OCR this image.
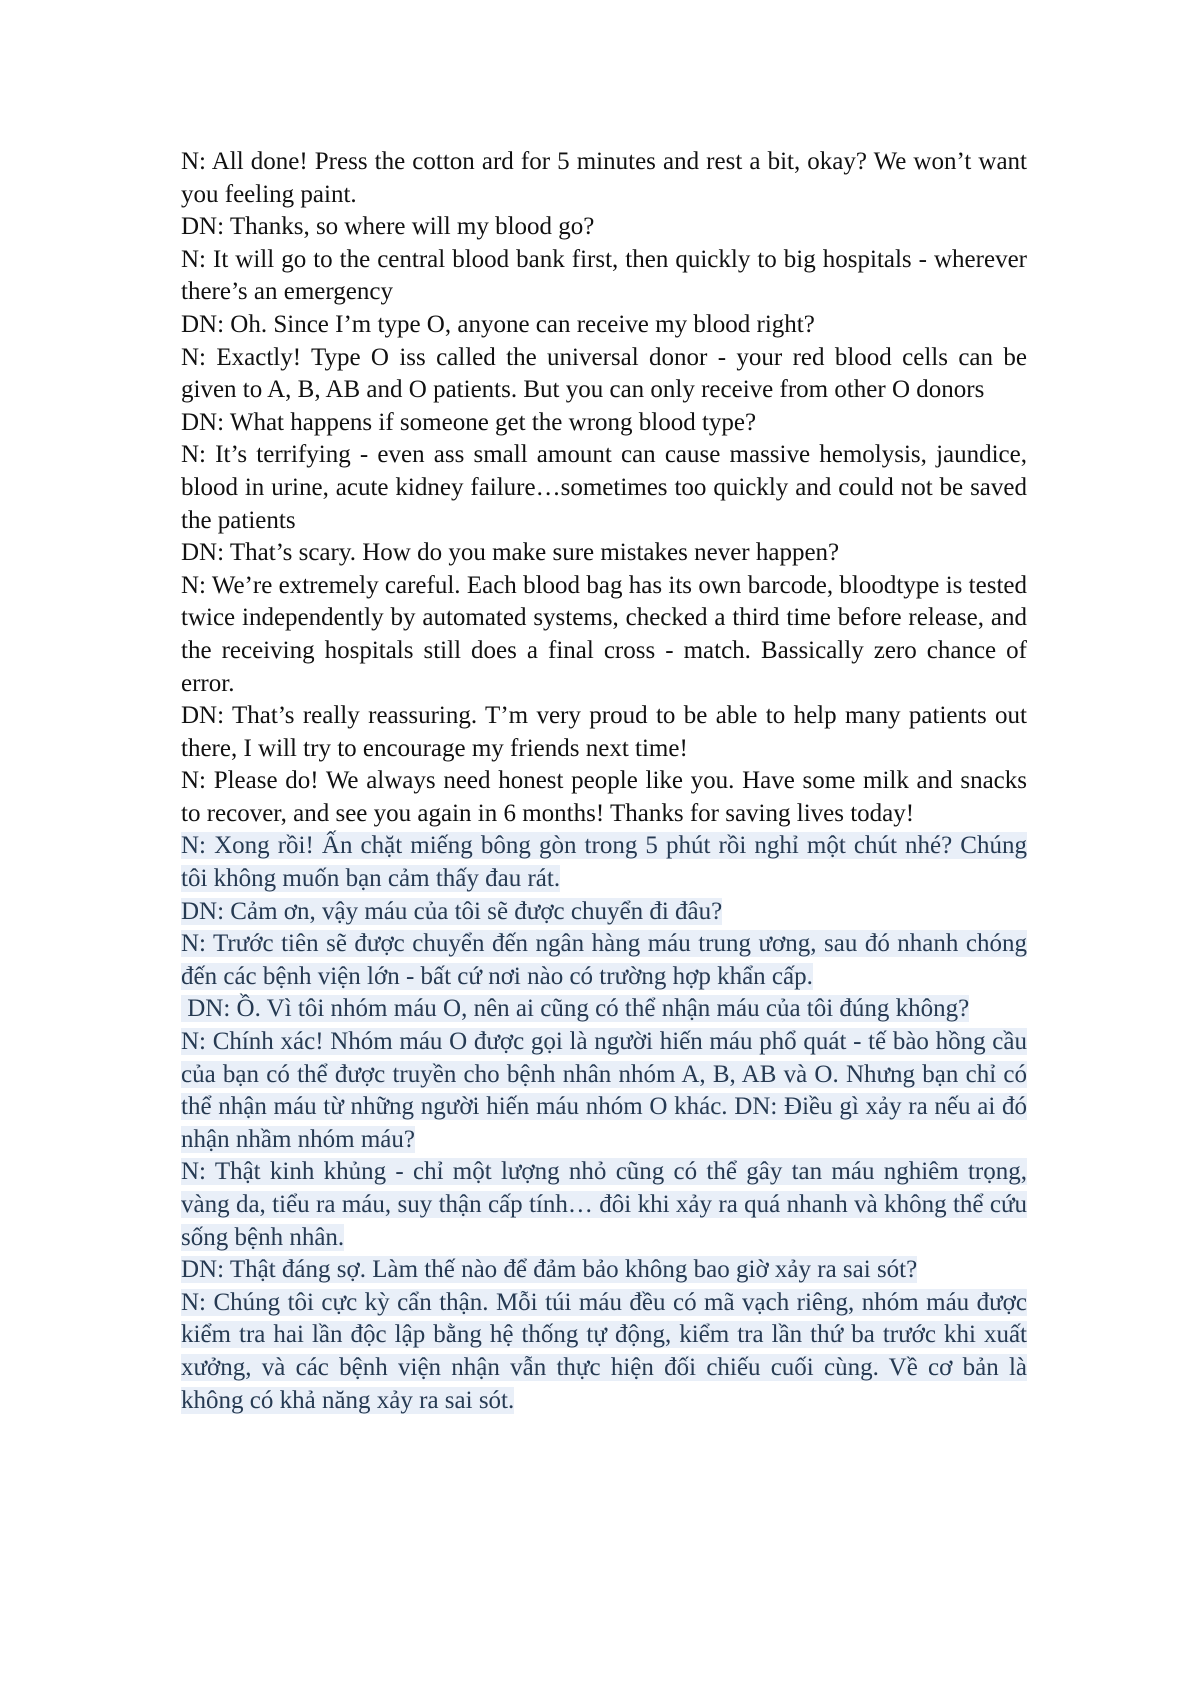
N: All done! Press the cotton ard for 5 minutes and rest a bit, okay? We won’t want you feeling paint.

DN: Thanks, so where will my blood go?

N: It will go to the central blood bank first, then quickly to big hospitals - wherever there’s an emergency

DN: Oh. Since I’m type O, anyone can receive my blood right?

N: Exactly! Type O iss called the universal donor - your red blood cells can be given to A, B, AB and O patients. But you can only receive from other O donors

DN: What happens if someone get the wrong blood type?

N: It’s terrifying - even ass small amount can cause massive hemolysis, jaundice, blood in urine, acute kidney failure…sometimes too quickly and could not be saved the patients

DN: That’s scary. How do you make sure mistakes never happen?

N: We’re extremely careful. Each blood bag has its own barcode, bloodtype is tested twice independently by automated systems, checked a third time before release, and the receiving hospitals still does a final cross - match. Bassically zero chance of error.

DN: That’s really reassuring. T’m very proud to be able to help many patients out there, I will try to encourage my friends next time!

N: Please do! We always need honest people like you. Have some milk and snacks to recover, and see you again in 6 months! Thanks for saving lives today!

N: Xong rồi! Ấn chặt miếng bông gòn trong 5 phút rồi nghỉ một chút nhé? Chúng tôi không muốn bạn cảm thấy đau rát.

DN: Cảm ơn, vậy máu của tôi sẽ được chuyển đi đâu?

N: Trước tiên sẽ được chuyển đến ngân hàng máu trung ương, sau đó nhanh chóng đến các bệnh viện lớn - bất cứ nơi nào có trường hợp khẩn cấp.

DN: Ồ. Vì tôi nhóm máu O, nên ai cũng có thể nhận máu của tôi đúng không?

N: Chính xác! Nhóm máu O được gọi là người hiến máu phổ quát - tế bào hồng cầu của bạn có thể được truyền cho bệnh nhân nhóm A, B, AB và O. Nhưng bạn chỉ có thể nhận máu từ những người hiến máu nhóm O khác. DN: Điều gì xảy ra nếu ai đó nhận nhầm nhóm máu?

N: Thật kinh khủng - chỉ một lượng nhỏ cũng có thể gây tan máu nghiêm trọng, vàng da, tiểu ra máu, suy thận cấp tính… đôi khi xảy ra quá nhanh và không thể cứu sống bệnh nhân.

DN: Thật đáng sợ. Làm thế nào để đảm bảo không bao giờ xảy ra sai sót?

N: Chúng tôi cực kỳ cẩn thận. Mỗi túi máu đều có mã vạch riêng, nhóm máu được kiểm tra hai lần độc lập bằng hệ thống tự động, kiểm tra lần thứ ba trước khi xuất xưởng, và các bệnh viện nhận vẫn thực hiện đối chiếu cuối cùng. Về cơ bản là không có khả năng xảy ra sai sót.
